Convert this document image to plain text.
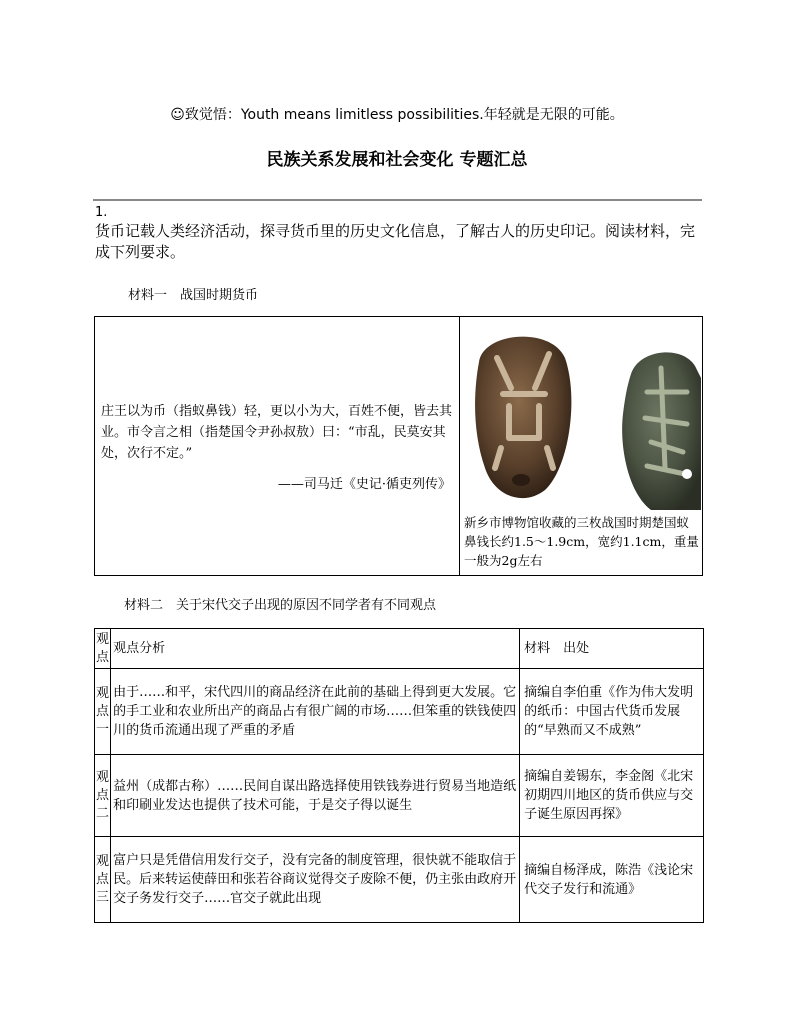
☺致觉悟：Youth means limitless possibilities.年轻就是无限的可能。
民族关系发展和社会变化 专题汇总
1.
货币记载人类经济活动，探寻货币里的历史文化信息，了解古人的历史印记。阅读材料，完成下列要求。
材料一　战国时期货币
庄王以为币（指蚁鼻钱）轻，更以小为大，百姓不便，皆去其业。市令言之相（指楚国令尹孙叔敖）曰：“市乱，民莫安其处，次行不定。”
——司马迁《史记·循吏列传》
新乡市博物馆收藏的三枚战国时期楚国蚁鼻钱长约1.5～1.9cm，宽约1.1cm，重量一般为2g左右
材料二　关于宋代交子出现的原因不同学者有不同观点
观点	观点分析	材料　出处
观点一	由于……和平，宋代四川的商品经济在此前的基础上得到更大发展。它的手工业和农业所出产的商品占有很广阔的市场……但笨重的铁钱使四川的货币流通出现了严重的矛盾	摘编自李伯重《作为伟大发明的纸币：中国古代货币发展的“早熟而又不成熟”
观点二	益州（成都古称）……民间自谋出路选择使用铁钱券进行贸易当地造纸和印刷业发达也提供了技术可能，于是交子得以诞生	摘编自姜锡东，李金阁《北宋初期四川地区的货币供应与交子诞生原因再探》
观点三	富户只是凭借信用发行交子，没有完备的制度管理，很快就不能取信于民。后来转运使薛田和张若谷商议觉得交子废除不便，仍主张由政府开交子务发行交子……官交子就此出现	摘编自杨泽成，陈浩《浅论宋代交子发行和流通》
